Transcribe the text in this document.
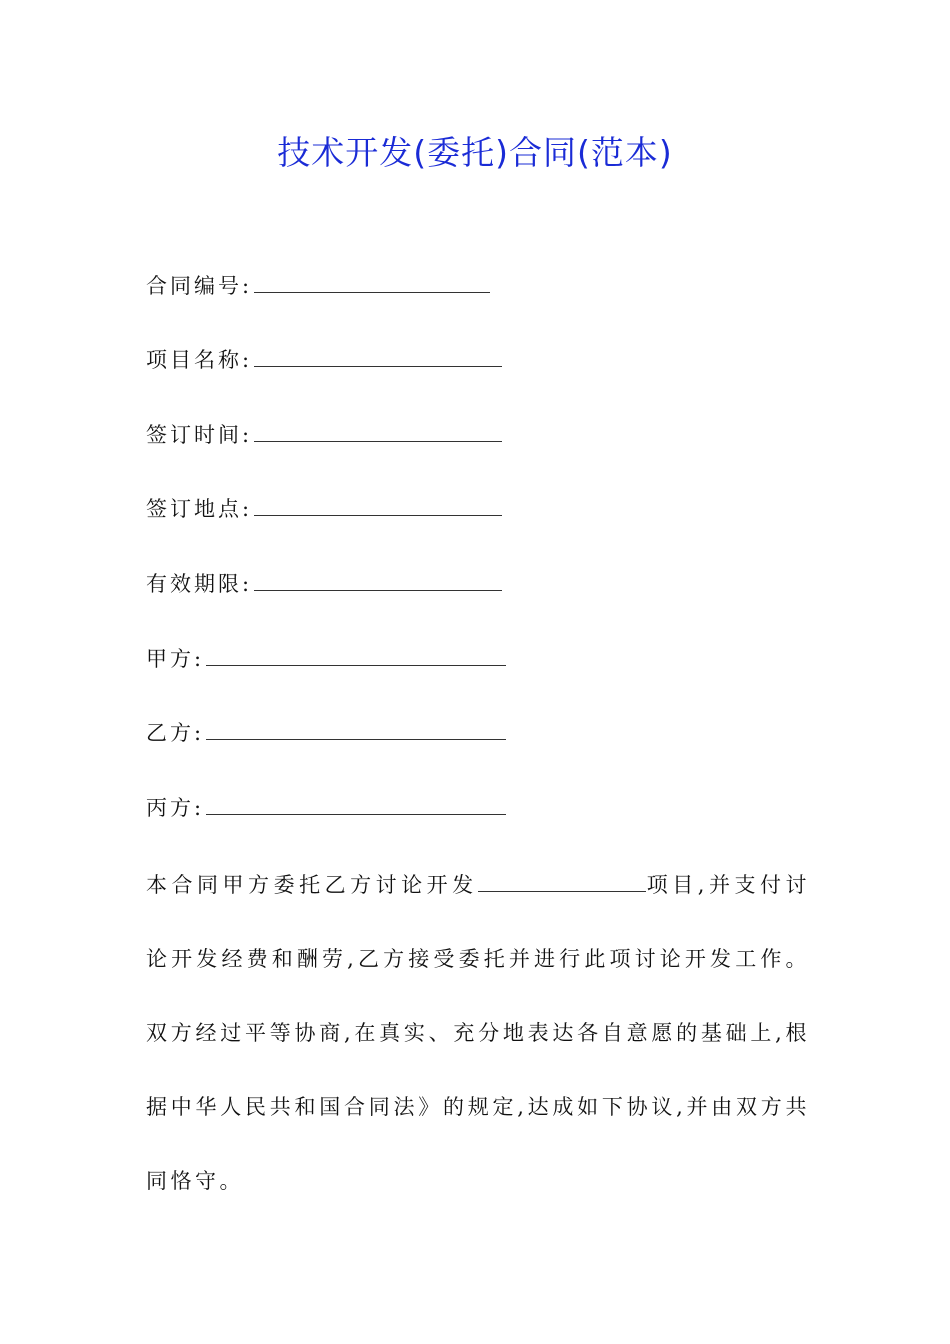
技术开发(委托)合同(范本)
合同编号:
项目名称:
签订时间:
签订地点:
有效期限:
甲方:
乙方:
丙方:
本合同甲方委托乙方讨论开发	项目,并支付讨论开发经费和酬劳,乙方接受委托并进行此项讨论开发工作。双方经过平等协商,在真实、充分地表达各自意愿的基础上,根据中华人民共和国合同法》的规定,达成如下协议,并由双方共同恪守。
